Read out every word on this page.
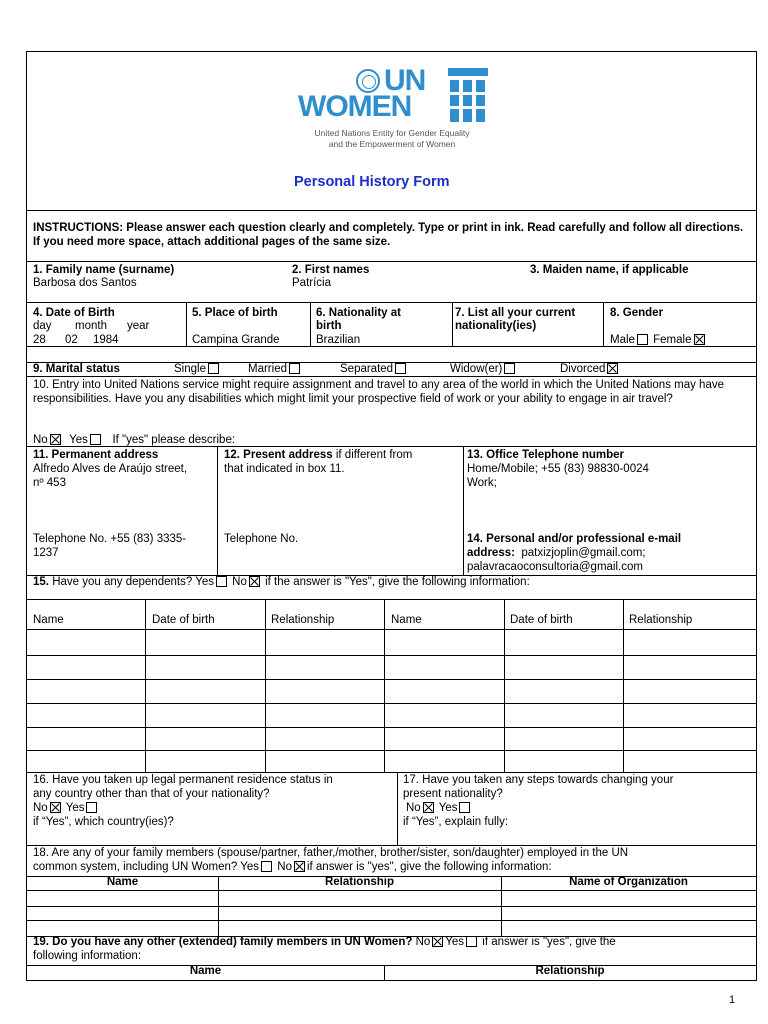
UN
WOMEN
United Nations Entity for Gender Equality
and the Empowerment of Women
Personal History Form
INSTRUCTIONS: Please answer each question clearly and completely. Type or print in ink. Read carefully and follow all directions. If you need more space, attach additional pages of the same size.
1. Family name (surname)
Barbosa dos Santos
2. First names
Patrícia
3. Maiden name, if applicable
4. Date of Birth
day month year
28 02 1984
5. Place of birth
Campina Grande
6. Nationality at birth
Brazilian
7. List all your current nationality(ies)
8. Gender
Male Female
9. Marital status	Single	Married	Separated	Widow(er)	Divorced
10. Entry into United Nations service might require assignment and travel to any area of the world in which the United Nations may have responsibilities. Have you any disabilities which might limit your prospective field of work or your ability to engage in air travel?
No Yes If "yes" please describe:
11. Permanent address
Alfredo Alves de Araújo street,
nº 453
Telephone No. +55 (83) 3335-
1237
12. Present address if different from
that indicated in box 11.
Telephone No.
13. Office Telephone number
Home/Mobile; +55 (83) 98830-0024
Work;
14. Personal and/or professional e-mail
address: patxizjoplin@gmail.com;
palavracaoconsultoria@gmail.com
15. Have you any dependents? Yes No if the answer is "Yes", give the following information:
Name	Date of birth	Relationship	Name	Date of birth	Relationship
16. Have you taken up legal permanent residence status in
any country other than that of your nationality?
No Yes
if “Yes”, which country(ies)?
17. Have you taken any steps towards changing your
present nationality?
No Yes
if “Yes”, explain fully:
18. Are any of your family members (spouse/partner, father,/mother, brother/sister, son/daughter) employed in the UN
common system, including UN Women? Yes No if answer is "yes", give the following information:
Name	Relationship	Name of Organization
19. Do you have any other (extended) family members in UN Women? No Yes if answer is "yes", give the
following information:
Name	Relationship
1
